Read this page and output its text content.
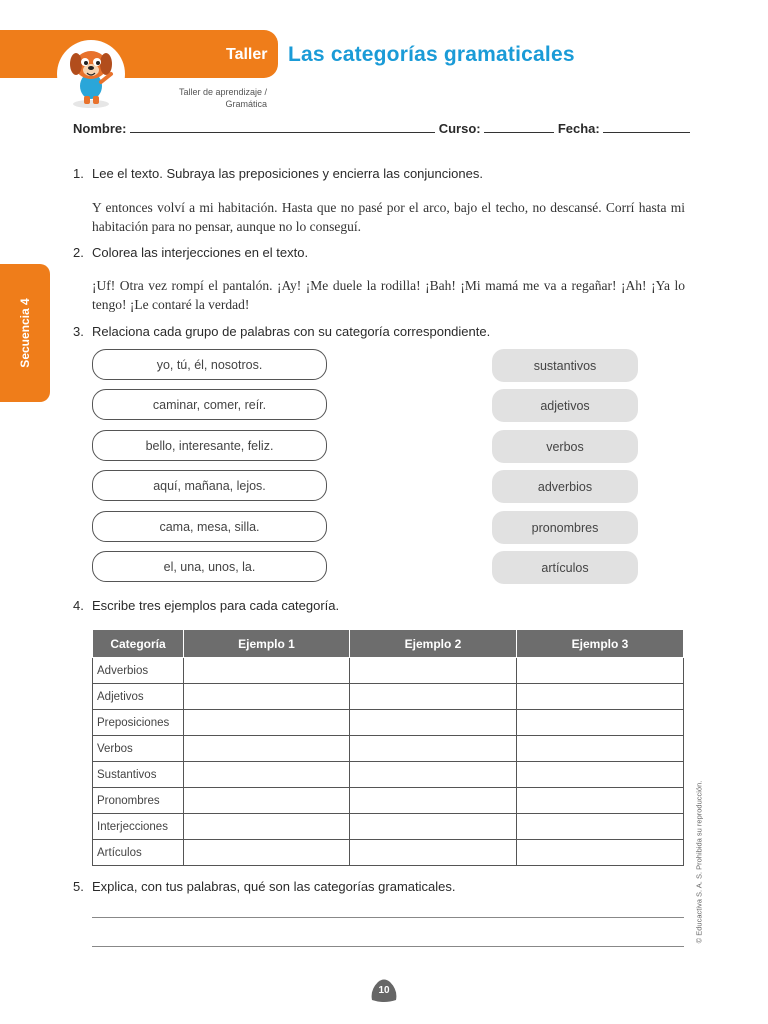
Taller Las categorías gramaticales
Taller de aprendizaje /
Gramática
Secuencia 4
Nombre:	Curso:	Fecha:
1. Lee el texto. Subraya las preposiciones y encierra las conjunciones.
Y entonces volví a mi habitación. Hasta que no pasé por el arco, bajo el techo, no descansé. Corrí hasta mi habitación para no pensar, aunque no lo conseguí.
2. Colorea las interjecciones en el texto.
¡Uf! Otra vez rompí el pantalón. ¡Ay! ¡Me duele la rodilla! ¡Bah! ¡Mi mamá me va a regañar! ¡Ah! ¡Ya lo tengo! ¡Le contaré la verdad!
3. Relaciona cada grupo de palabras con su categoría correspondiente.
yo, tú, él, nosotros.
caminar, comer, reír.
bello, interesante, feliz.
aquí, mañana, lejos.
cama, mesa, silla.
el, una, unos, la.
sustantivos
adjetivos
verbos
adverbios
pronombres
artículos
4. Escribe tres ejemplos para cada categoría.
Categoría	Ejemplo 1	Ejemplo 2	Ejemplo 3
Adverbios			
Adjetivos			
Preposiciones			
Verbos			
Sustantivos			
Pronombres			
Interjecciones			
Artículos			
5. Explica, con tus palabras, qué son las categorías gramaticales.	© Educactiva S. A. S. Prohibida su reproducción.
10
